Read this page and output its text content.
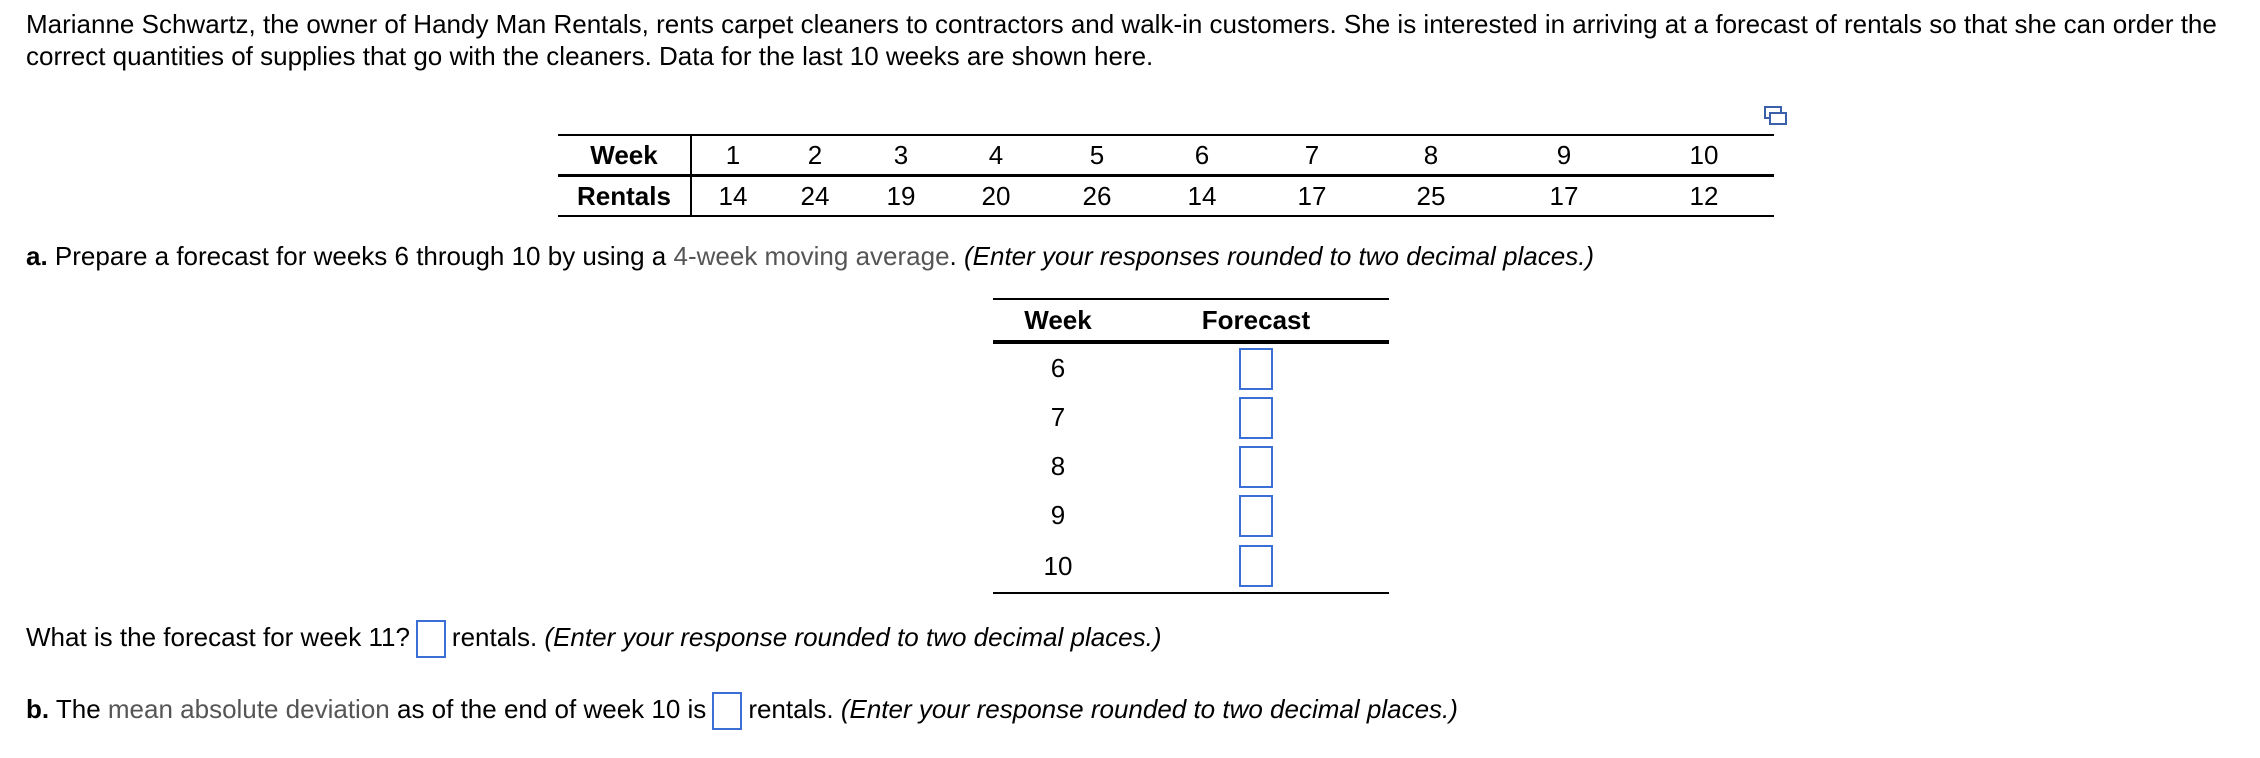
Marianne Schwartz, the owner of Handy Man Rentals, rents carpet cleaners to contractors and walk-in customers. She is interested in arriving at a forecast of rentals so that she can order the

correct quantities of supplies that go with the cleaners. Data for the last 10 weeks are shown here.

Week	1	2	3	4	5	6	7	8	9	10
Rentals	14	24	19	20	26	14	17	25	17	12
a. Prepare a forecast for weeks 6 through 10 by using a 4-week moving average. (Enter your responses rounded to two decimal places.)
Week	Forecast
6	
7	
8	
9	
10	
What is the forecast for week 11? rentals. (Enter your response rounded to two decimal places.)
b. The mean absolute deviation as of the end of week 10 is rentals. (Enter your response rounded to two decimal places.)
